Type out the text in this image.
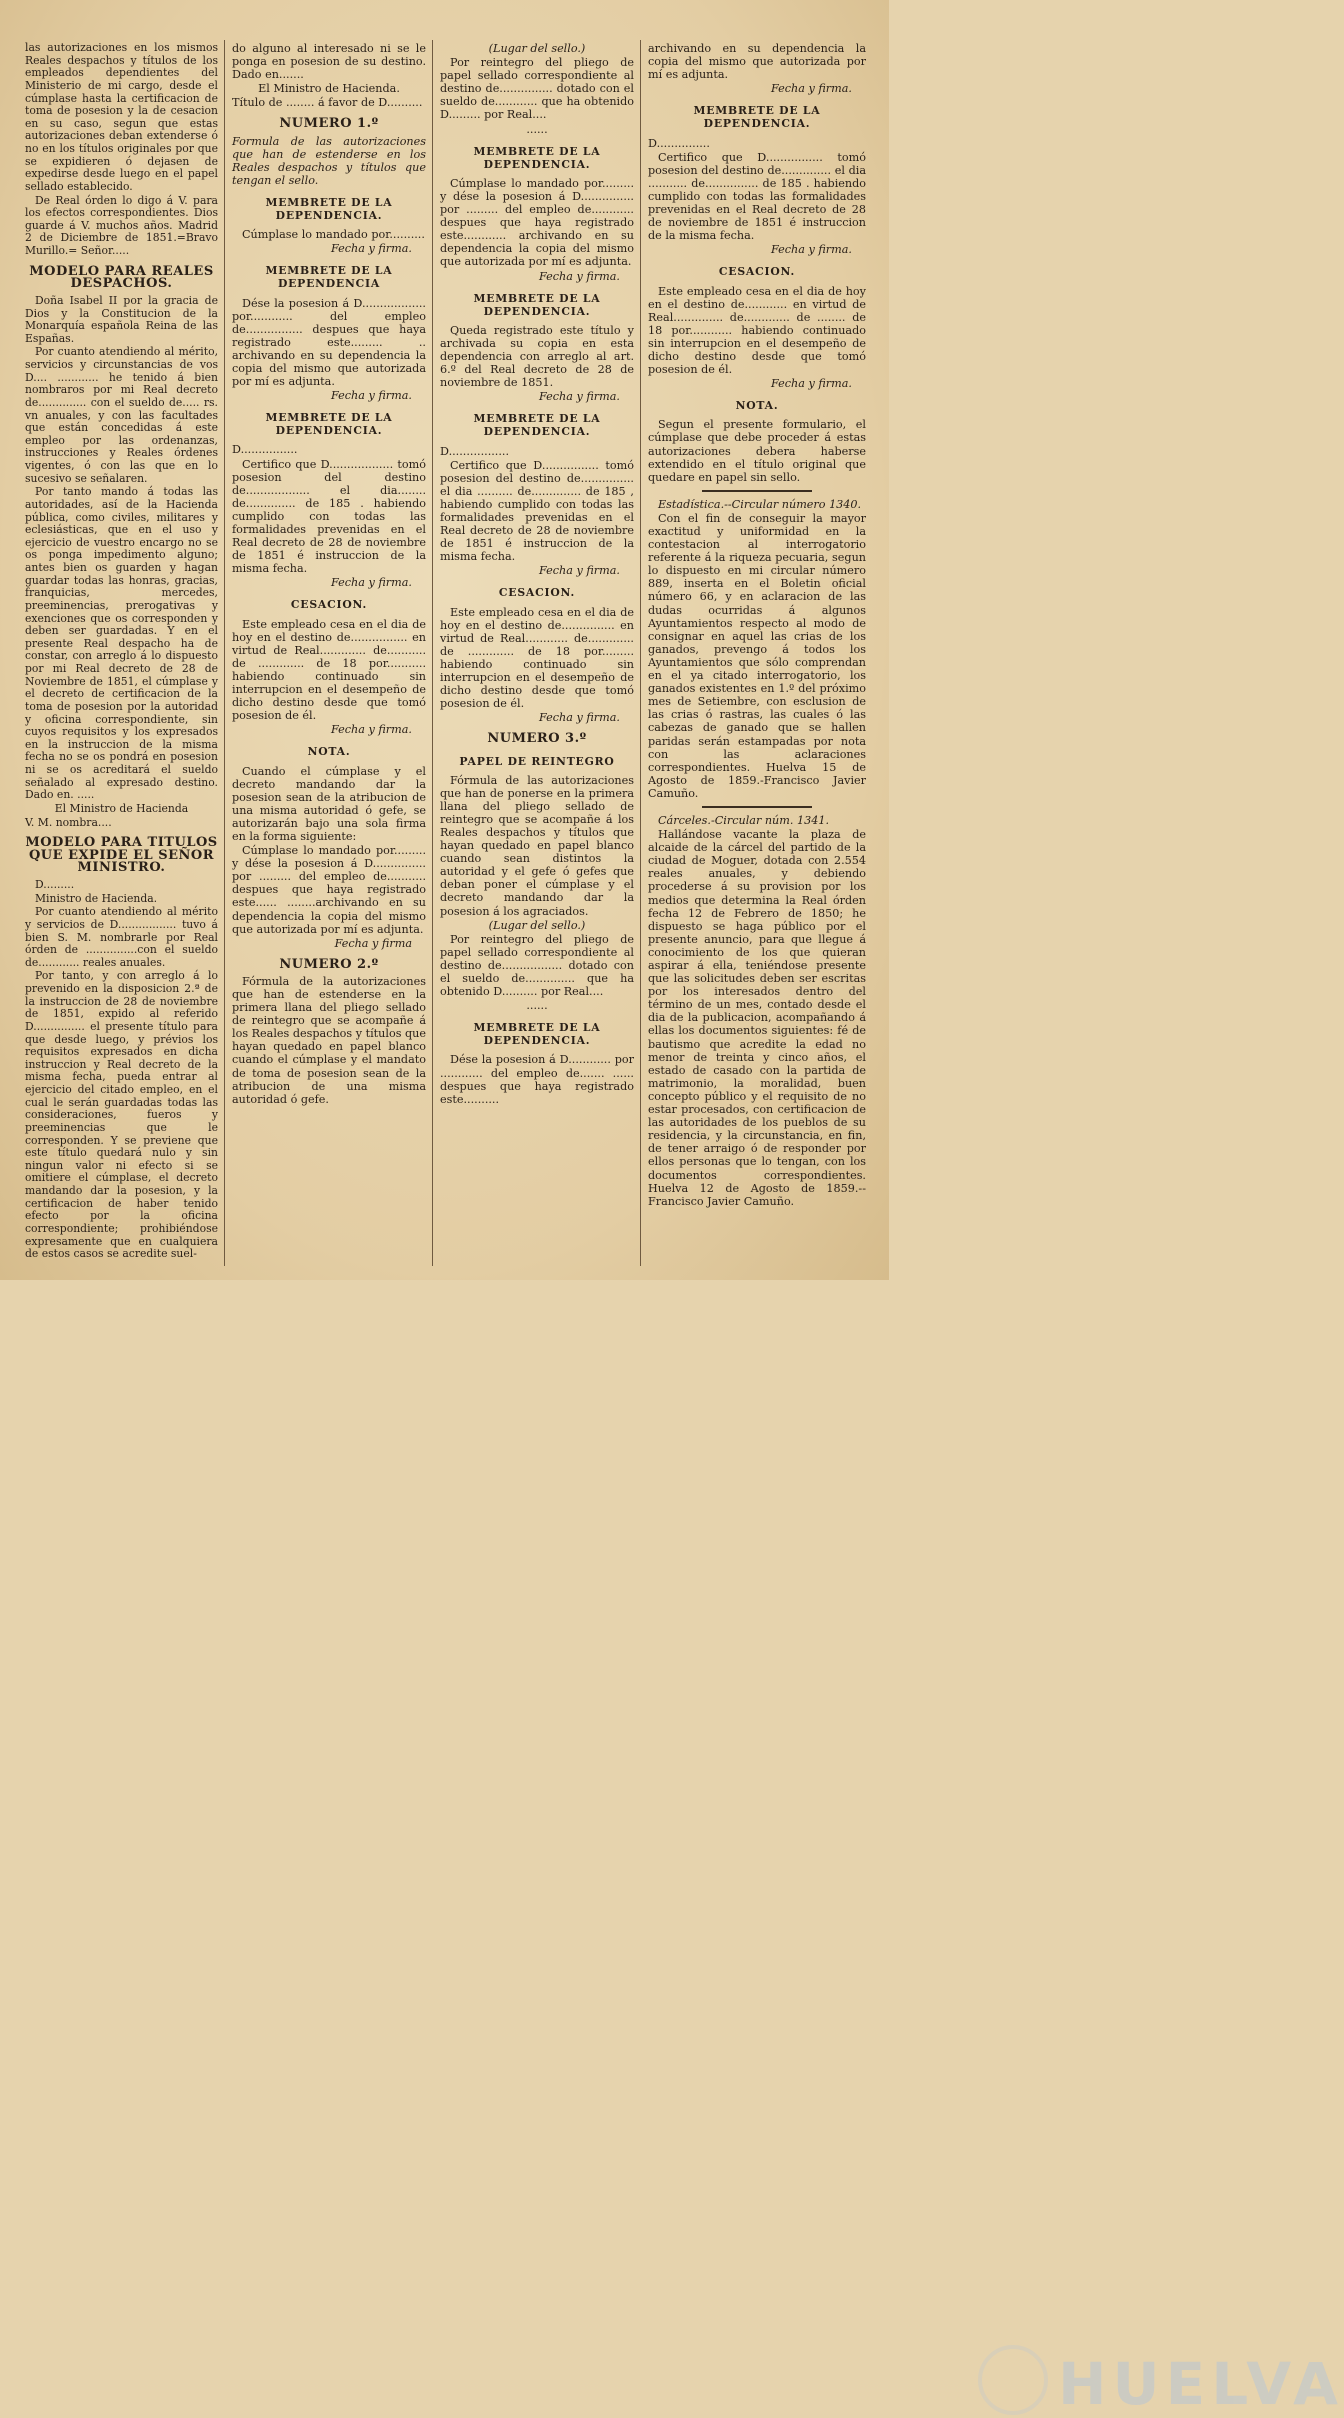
las autorizaciones en los mismos Reales despachos y títulos de los empleados dependientes del Ministerio de mi cargo, desde el cúmplase hasta la certificacion de toma de posesion y la de cesacion en su caso, segun que estas autorizaciones deban extenderse ó no en los títulos originales por que se expidieren ó dejasen de expedirse desde luego en el papel sellado establecido.

De Real órden lo digo á V. para los efectos correspondientes. Dios guarde á V. muchos años. Madrid 2 de Diciembre de 1851.=Bravo Murillo.= Señor.....

MODELO PARA REALES DESPACHOS.

Doña Isabel II por la gracia de Dios y la Constitucion de la Monarquía española Reina de las Españas.

Por cuanto atendiendo al mérito, servicios y circunstancias de vos D.... ............ he tenido á bien nombraros por mi Real decreto de.............. con el sueldo de..... rs. vn anuales, y con las facultades que están concedidas á este empleo por las ordenanzas, instrucciones y Reales órdenes vigentes, ó con las que en lo sucesivo se señalaren.

Por tanto mando á todas las autoridades, así de la Hacienda pública, como civiles, militares y eclesiásticas, que en el uso y ejercicio de vuestro encargo no se os ponga impedimento alguno; antes bien os guarden y hagan guardar todas las honras, gracias, franquicias, mercedes, preeminencias, prerogativas y exenciones que os corresponden y deben ser guardadas. Y en el presente Real despacho ha de constar, con arreglo á lo dispuesto por mi Real decreto de 28 de Noviembre de 1851, el cúmplase y el decreto de certificacion de la toma de posesion por la autoridad y oficina correspondiente, sin cuyos requisitos y los expresados en la instruccion de la misma fecha no se os pondrá en posesion ni se os acreditará el sueldo señalado al expresado destino. Dado en. .....

El Ministro de Hacienda

V. M. nombra....

MODELO PARA TITULOS QUE EXPIDE EL SEÑOR MINISTRO.

D.........

Ministro de Hacienda.

Por cuanto atendiendo al mérito y servicios de D................. tuvo á bien S. M. nombrarle por Real órden de ...............con el sueldo de............ reales anuales.

Por tanto, y con arreglo á lo prevenido en la disposicion 2.ª de la instruccion de 28 de noviembre de 1851, expido al referido D............... el presente título para que desde luego, y prévios los requisitos expresados en dicha instruccion y Real decreto de la misma fecha, pueda entrar al ejercicio del citado empleo, en el cual le serán guardadas todas las consideraciones, fueros y preeminencias que le corresponden. Y se previene que este título quedará nulo y sin ningun valor ni efecto si se omitiere el cúmplase, el decreto mandando dar la posesion, y la certificacion de haber tenido efecto por la oficina correspondiente; prohibiéndose expresamente que en cualquiera de estos casos se acredite suel-

do alguno al interesado ni se le ponga en posesion de su destino. Dado en.......

El Ministro de Hacienda.

Título de ........ á favor de D..........

NUMERO 1.º

Formula de las autorizaciones que han de estenderse en los Reales despachos y títulos que tengan el sello.

MEMBRETE DE LA DEPENDENCIA.

Cúmplase lo mandado por..........

Fecha y firma.

MEMBRETE DE LA DEPENDENCIA

Dése la posesion á D.................. por............ del empleo de................ despues que haya registrado este......... .. archivando en su dependencia la copia del mismo que autorizada por mí es adjunta.

Fecha y firma.

MEMBRETE DE LA DEPENDENCIA.

D................

Certifico que D.................. tomó posesion del destino de.................. el dia........ de.............. de 185 . habiendo cumplido con todas las formalidades prevenidas en el Real decreto de 28 de noviembre de 1851 é instruccion de la misma fecha.

Fecha y firma.

CESACION.

Este empleado cesa en el dia de hoy en el destino de................ en virtud de Real............. de........... de ............. de 18 por........... habiendo continuado sin interrupcion en el desempeño de dicho destino desde que tomó posesion de él.

Fecha y firma.

NOTA.

Cuando el cúmplase y el decreto mandando dar la posesion sean de la atribucion de una misma autoridad ó gefe, se autorizarán bajo una sola firma en la forma siguiente:

Cúmplase lo mandado por......... y dése la posesion á D............... por ......... del empleo de........... despues que haya registrado este...... ........archivando en su dependencia la copia del mismo que autorizada por mí es adjunta.

Fecha y firma

NUMERO 2.º

Fórmula de la autorizaciones que han de estenderse en la primera llana del pliego sellado de reintegro que se acompañe á los Reales despachos y títulos que hayan quedado en papel blanco cuando el cúmplase y el mandato de toma de posesion sean de la atribucion de una misma autoridad ó gefe.

(Lugar del sello.)

Por reintegro del pliego de papel sellado correspondiente al destino de............... dotado con el sueldo de............ que ha obtenido D......... por Real....

......

MEMBRETE DE LA DEPENDENCIA.

Cúmplase lo mandado por......... y dése la posesion á D............... por ......... del empleo de............ despues que haya registrado este............ archivando en su dependencia la copia del mismo que autorizada por mí es adjunta.

Fecha y firma.

MEMBRETE DE LA DEPENDENCIA.

Queda registrado este título y archivada su copia en esta dependencia con arreglo al art. 6.º del Real decreto de 28 de noviembre de 1851.

Fecha y firma.

MEMBRETE DE LA DEPENDENCIA.

D.................

Certifico que D................ tomó posesion del destino de............... el dia .......... de.............. de 185 , habiendo cumplido con todas las formalidades prevenidas en el Real decreto de 28 de noviembre de 1851 é instruccion de la misma fecha.

Fecha y firma.

CESACION.

Este empleado cesa en el dia de hoy en el destino de............... en virtud de Real............ de............. de ............. de 18 por......... habiendo continuado sin interrupcion en el desempeño de dicho destino desde que tomó posesion de él.

Fecha y firma.

NUMERO 3.º

PAPEL DE REINTEGRO

Fórmula de las autorizaciones que han de ponerse en la primera llana del pliego sellado de reintegro que se acompañe á los Reales despachos y títulos que hayan quedado en papel blanco cuando sean distintos la autoridad y el gefe ó gefes que deban poner el cúmplase y el decreto mandando dar la posesion á los agraciados.

(Lugar del sello.)

Por reintegro del pliego de papel sellado correspondiente al destino de................. dotado con el sueldo de.............. que ha obtenido D.......... por Real....

......

MEMBRETE DE LA DEPENDENCIA.

Dése la posesion á D............ por ............ del empleo de....... ...... despues que haya registrado este..........

archivando en su dependencia la copia del mismo que autorizada por mí es adjunta.

Fecha y firma.

MEMBRETE DE LA DEPENDENCIA.

D...............

Certifico que D................ tomó posesion del destino de.............. el dia ........... de............... de 185 . habiendo cumplido con todas las formalidades prevenidas en el Real decreto de 28 de noviembre de 1851 é instruccion de la misma fecha.

Fecha y firma.

CESACION.

Este empleado cesa en el dia de hoy en el destino de............ en virtud de Real.............. de............. de ........ de 18 por............ habiendo continuado sin interrupcion en el desempeño de dicho destino desde que tomó posesion de él.

Fecha y firma.

NOTA.

Segun el presente formulario, el cúmplase que debe proceder á estas autorizaciones debera haberse extendido en el título original que quedare en papel sin sello.

Estadística.--Circular número 1340.

Con el fin de conseguir la mayor exactitud y uniformidad en la contestacion al interrogatorio referente á la riqueza pecuaria, segun lo dispuesto en mi circular número 889, inserta en el Boletin oficial número 66, y en aclaracion de las dudas ocurridas á algunos Ayuntamientos respecto al modo de consignar en aquel las crias de los ganados, prevengo á todos los Ayuntamientos que sólo comprendan en el ya citado interrogatorio, los ganados existentes en 1.º del próximo mes de Setiembre, con esclusion de las crias ó rastras, las cuales ó las cabezas de ganado que se hallen paridas serán estampadas por nota con las aclaraciones correspondientes. Huelva 15 de Agosto de 1859.-Francisco Javier Camuño.

Cárceles.-Circular núm. 1341.

Hallándose vacante la plaza de alcaide de la cárcel del partido de la ciudad de Moguer, dotada con 2.554 reales anuales, y debiendo procederse á su provision por los medios que determina la Real órden fecha 12 de Febrero de 1850; he dispuesto se haga público por el presente anuncio, para que llegue á conocimiento de los que quieran aspirar á ella, teniéndose presente que las solicitudes deben ser escritas por los interesados dentro del término de un mes, contado desde el dia de la publicacion, acompañando á ellas los documentos siguientes: fé de bautismo que acredite la edad no menor de treinta y cinco años, el estado de casado con la partida de matrimonio, la moralidad, buen concepto público y el requisito de no estar procesados, con certificacion de las autoridades de los pueblos de su residencia, y la circunstancia, en fin, de tener arraigo ó de responder por ellos personas que lo tengan, con los documentos correspondientes. Huelva 12 de Agosto de 1859.--Francisco Javier Camuño.

HUELVA
